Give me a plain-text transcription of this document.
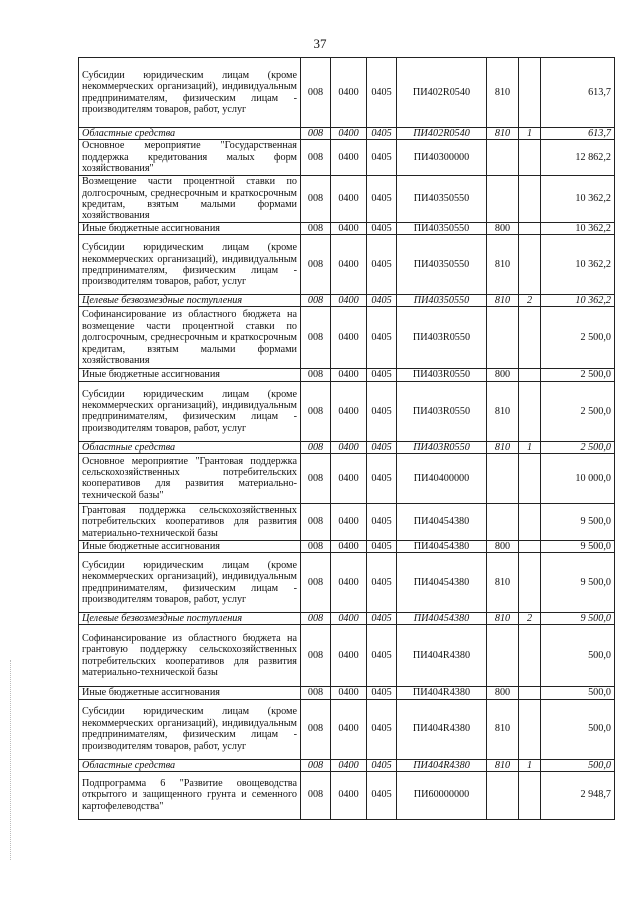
37
Субсидии юридическим лицам (кроме некоммерческих организаций), индивидуальным предпринимателям, физическим лицам - производителям товаров, работ, услуг	008	0400	0405	ПИ402R0540	810		613,7
Областные средства	008	0400	0405	ПИ402R0540	810	1	613,7
Основное мероприятие "Государственная поддержка кредитования малых форм хозяйствования"	008	0400	0405	ПИ40300000			12 862,2
Возмещение части процентной ставки по долгосрочным, среднесрочным и краткосрочным кредитам, взятым малыми формами хозяйствования	008	0400	0405	ПИ40350550			10 362,2
Иные бюджетные ассигнования	008	0400	0405	ПИ40350550	800		10 362,2
Субсидии юридическим лицам (кроме некоммерческих организаций), индивидуальным предпринимателям, физическим лицам - производителям товаров, работ, услуг	008	0400	0405	ПИ40350550	810		10 362,2
Целевые безвозмездные поступления	008	0400	0405	ПИ40350550	810	2	10 362,2
Софинансирование из областного бюджета на возмещение части процентной ставки по долгосрочным, среднесрочным и краткосрочным кредитам, взятым малыми формами хозяйствования	008	0400	0405	ПИ403R0550			2 500,0
Иные бюджетные ассигнования	008	0400	0405	ПИ403R0550	800		2 500,0
Субсидии юридическим лицам (кроме некоммерческих организаций), индивидуальным предпринимателям, физическим лицам - производителям товаров, работ, услуг	008	0400	0405	ПИ403R0550	810		2 500,0
Областные средства	008	0400	0405	ПИ403R0550	810	1	2 500,0
Основное мероприятие "Грантовая поддержка сельскохозяйственных потребительских кооперативов для развития материально-технической базы"	008	0400	0405	ПИ40400000			10 000,0
Грантовая поддержка сельскохозяйственных потребительских кооперативов для развития материально-технической базы	008	0400	0405	ПИ40454380			9 500,0
Иные бюджетные ассигнования	008	0400	0405	ПИ40454380	800		9 500,0
Субсидии юридическим лицам (кроме некоммерческих организаций), индивидуальным предпринимателям, физическим лицам - производителям товаров, работ, услуг	008	0400	0405	ПИ40454380	810		9 500,0
Целевые безвозмездные поступления	008	0400	0405	ПИ40454380	810	2	9 500,0
Софинансирование из областного бюджета на грантовую поддержку сельскохозяйственных потребительских кооперативов для развития материально-технической базы	008	0400	0405	ПИ404R4380			500,0
Иные бюджетные ассигнования	008	0400	0405	ПИ404R4380	800		500,0
Субсидии юридическим лицам (кроме некоммерческих организаций), индивидуальным предпринимателям, физическим лицам - производителям товаров, работ, услуг	008	0400	0405	ПИ404R4380	810		500,0
Областные средства	008	0400	0405	ПИ404R4380	810	1	500,0
Подпрограмма 6 "Развитие овощеводства открытого и защищенного грунта и семенного картофелеводства"	008	0400	0405	ПИ60000000			2 948,7
